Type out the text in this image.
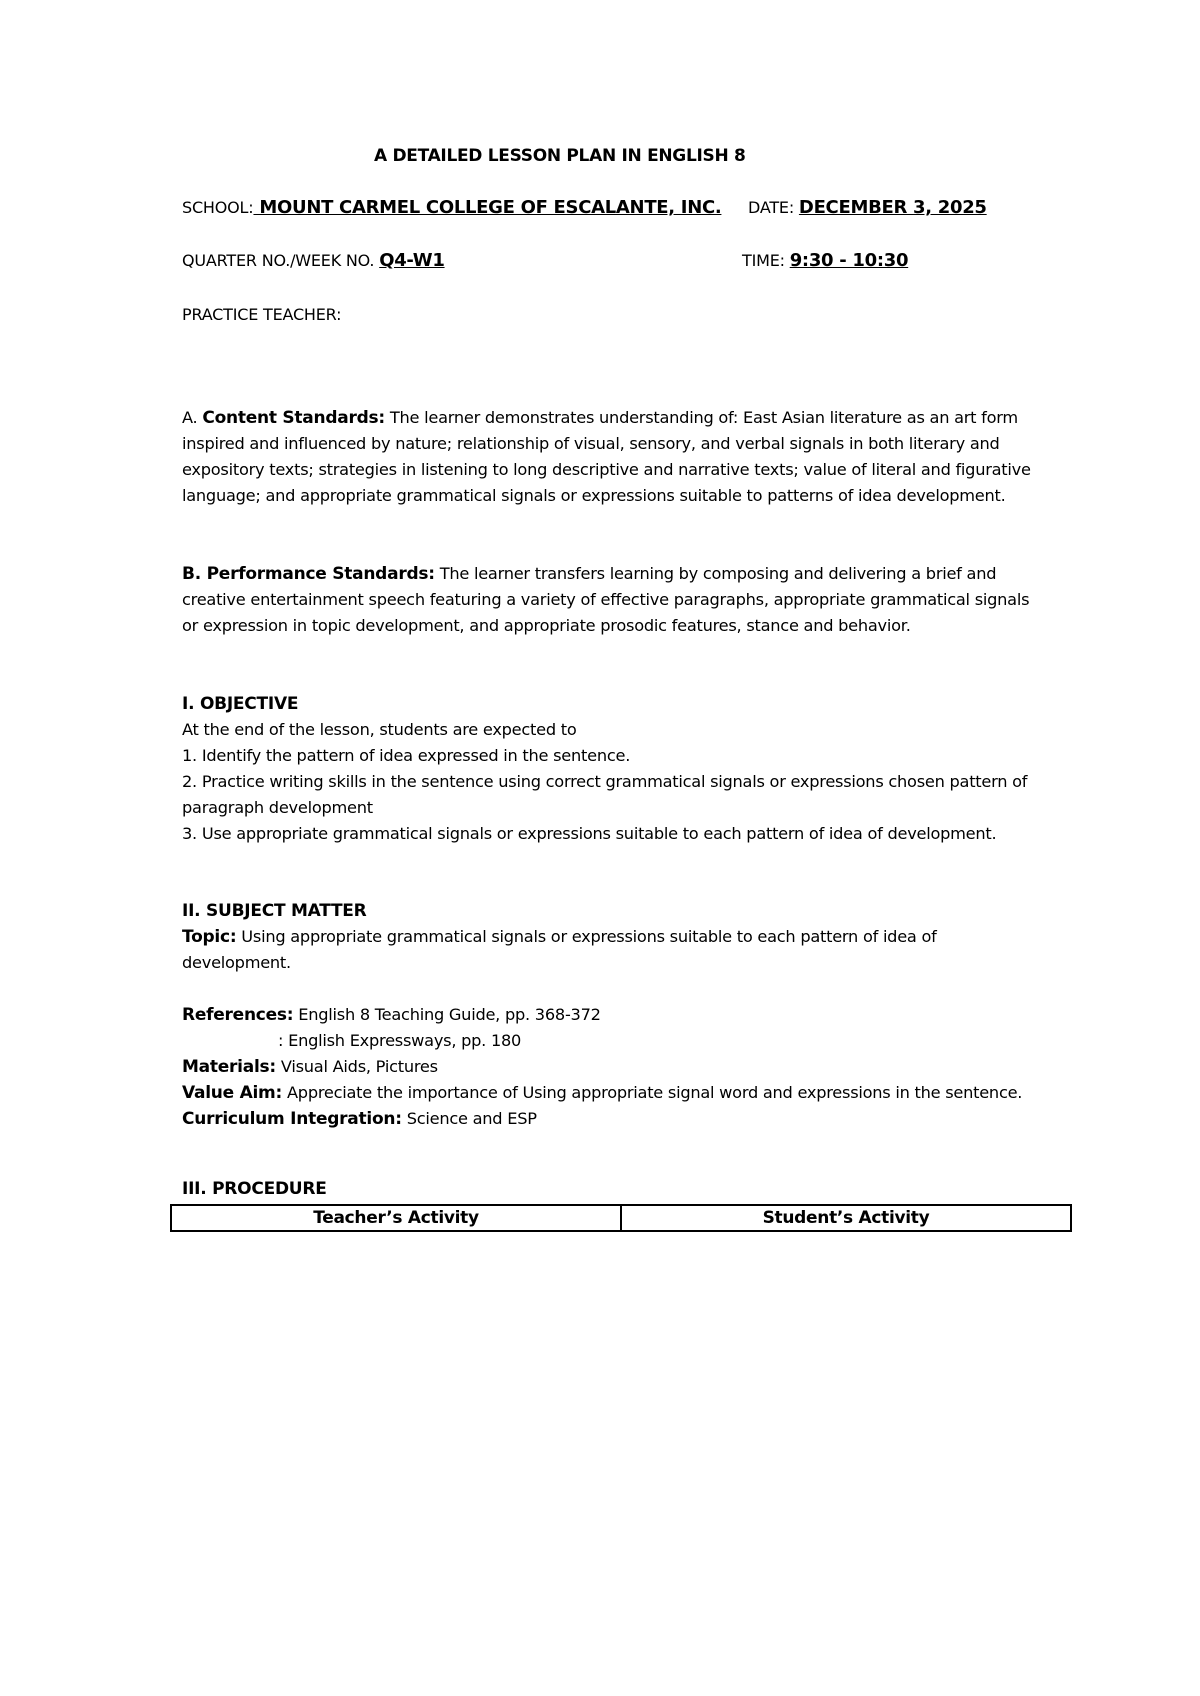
A DETAILED LESSON PLAN IN ENGLISH 8
SCHOOL: MOUNT CARMEL COLLEGE OF ESCALANTE, INC. DATE: DECEMBER 3, 2025
QUARTER NO./WEEK NO. Q4-W1	TIME: 9:30 - 10:30
PRACTICE TEACHER:

A. Content Standards: The learner demonstrates understanding of: East Asian literature as an art form inspired and influenced by nature; relationship of visual, sensory, and verbal signals in both literary and expository texts; strategies in listening to long descriptive and narrative texts; value of literal and figurative language; and appropriate grammatical signals or expressions suitable to patterns of idea development.

B. Performance Standards: The learner transfers learning by composing and delivering a brief and creative entertainment speech featuring a variety of effective paragraphs, appropriate grammatical signals or expression in topic development, and appropriate prosodic features, stance and behavior.

I. OBJECTIVE

At the end of the lesson, students are expected to

1. Identify the pattern of idea expressed in the sentence.

2. Practice writing skills in the sentence using correct grammatical signals or expressions chosen pattern of paragraph development

3. Use appropriate grammatical signals or expressions suitable to each pattern of idea of development.

II. SUBJECT MATTER

Topic: Using appropriate grammatical signals or expressions suitable to each pattern of idea of development.

References: English 8 Teaching Guide, pp. 368-372

: English Expressways, pp. 180

Materials: Visual Aids, Pictures

Value Aim: Appreciate the importance of Using appropriate signal word and expressions in the sentence.

Curriculum Integration: Science and ESP

III. PROCEDURE

Teacher’s Activity	Student’s Activity
